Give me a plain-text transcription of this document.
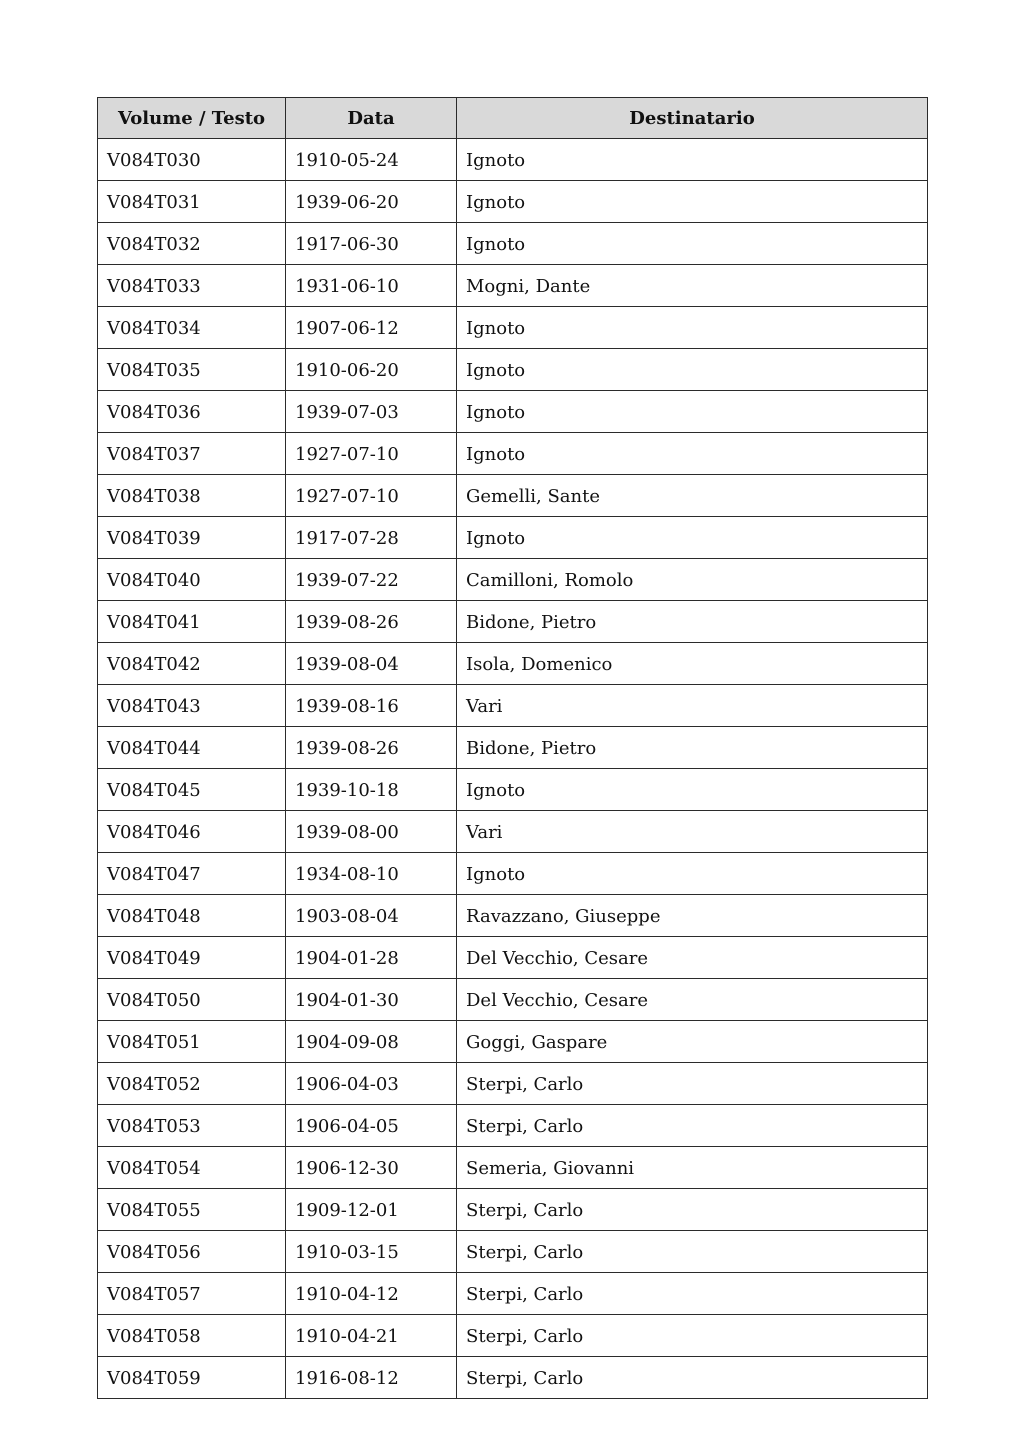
Volume / Testo	Data	Destinatario
V084T030	1910-05-24	Ignoto
V084T031	1939-06-20	Ignoto
V084T032	1917-06-30	Ignoto
V084T033	1931-06-10	Mogni, Dante
V084T034	1907-06-12	Ignoto
V084T035	1910-06-20	Ignoto
V084T036	1939-07-03	Ignoto
V084T037	1927-07-10	Ignoto
V084T038	1927-07-10	Gemelli, Sante
V084T039	1917-07-28	Ignoto
V084T040	1939-07-22	Camilloni, Romolo
V084T041	1939-08-26	Bidone, Pietro
V084T042	1939-08-04	Isola, Domenico
V084T043	1939-08-16	Vari
V084T044	1939-08-26	Bidone, Pietro
V084T045	1939-10-18	Ignoto
V084T046	1939-08-00	Vari
V084T047	1934-08-10	Ignoto
V084T048	1903-08-04	Ravazzano, Giuseppe
V084T049	1904-01-28	Del Vecchio, Cesare
V084T050	1904-01-30	Del Vecchio, Cesare
V084T051	1904-09-08	Goggi, Gaspare
V084T052	1906-04-03	Sterpi, Carlo
V084T053	1906-04-05	Sterpi, Carlo
V084T054	1906-12-30	Semeria, Giovanni
V084T055	1909-12-01	Sterpi, Carlo
V084T056	1910-03-15	Sterpi, Carlo
V084T057	1910-04-12	Sterpi, Carlo
V084T058	1910-04-21	Sterpi, Carlo
V084T059	1916-08-12	Sterpi, Carlo
